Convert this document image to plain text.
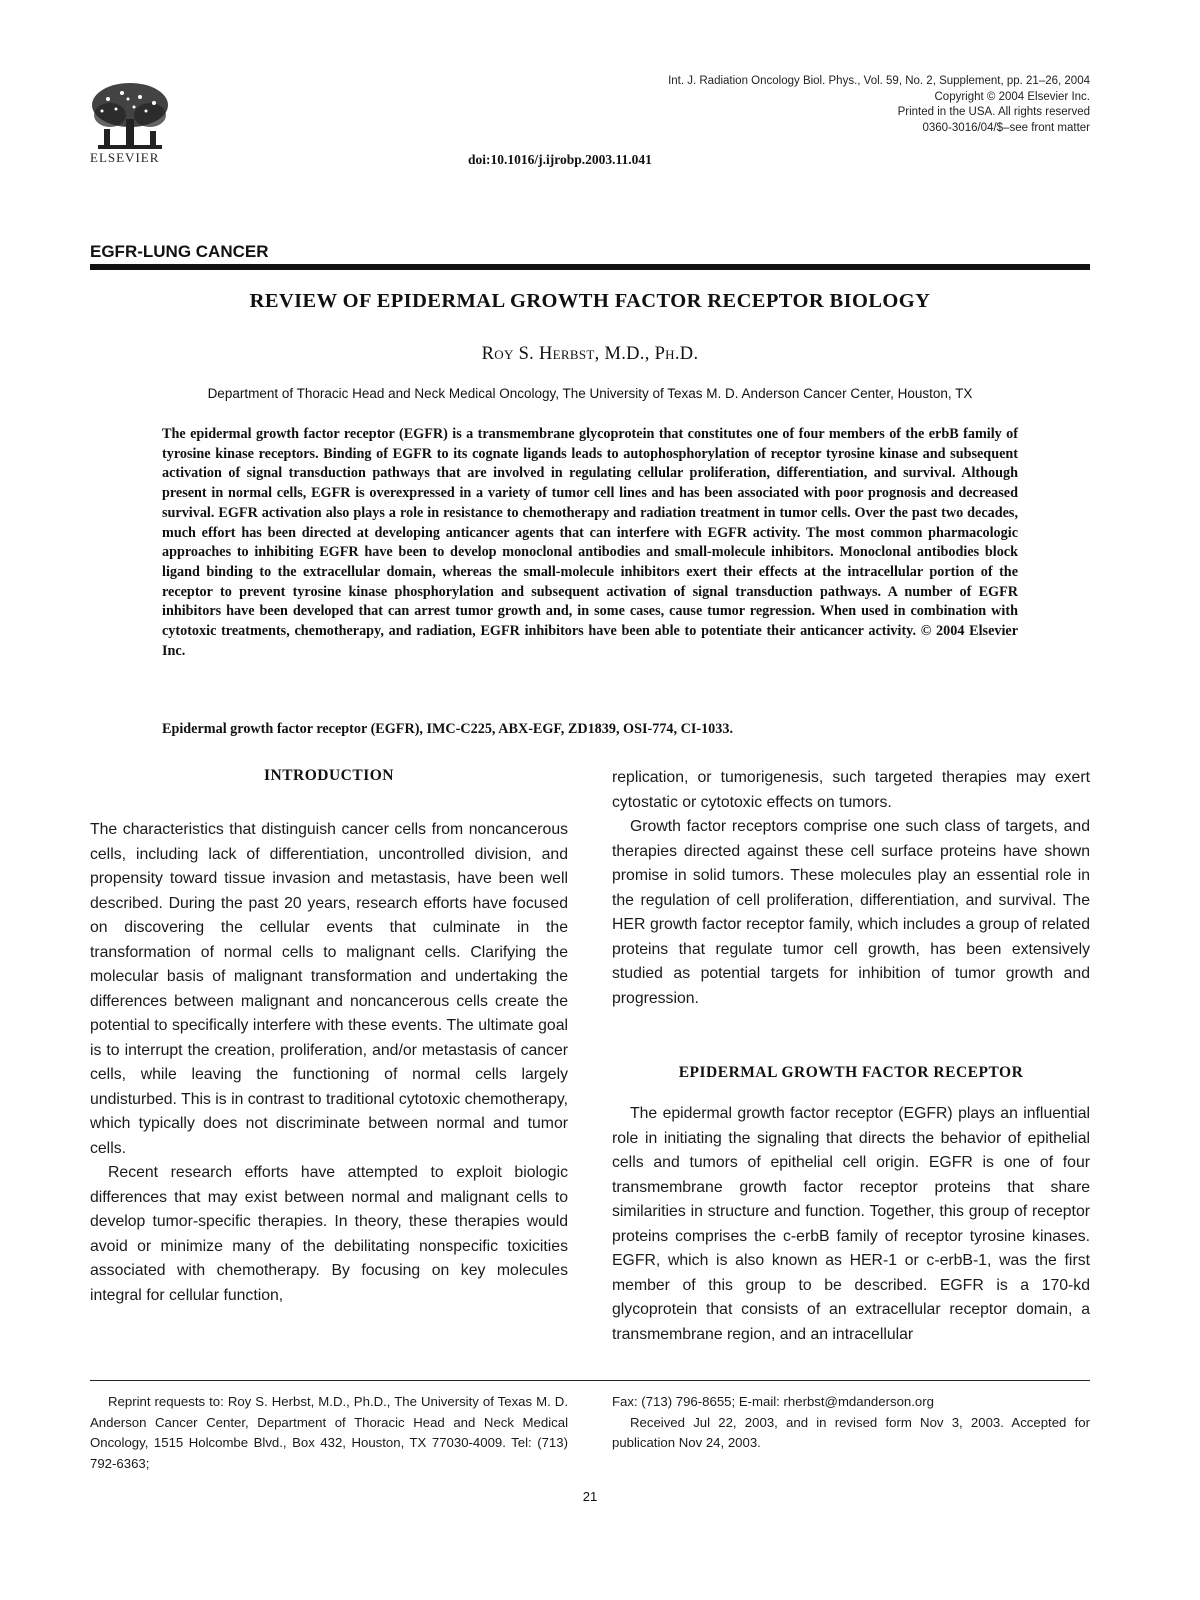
ELSEVIER
Int. J. Radiation Oncology Biol. Phys., Vol. 59, No. 2, Supplement, pp. 21–26, 2004
Copyright © 2004 Elsevier Inc.
Printed in the USA. All rights reserved
0360-3016/04/$–see front matter
doi:10.1016/j.ijrobp.2003.11.041
EGFR-LUNG CANCER
REVIEW OF EPIDERMAL GROWTH FACTOR RECEPTOR BIOLOGY
Roy S. Herbst, M.D., Ph.D.
Department of Thoracic Head and Neck Medical Oncology, The University of Texas M. D. Anderson Cancer Center, Houston, TX
The epidermal growth factor receptor (EGFR) is a transmembrane glycoprotein that constitutes one of four members of the erbB family of tyrosine kinase receptors. Binding of EGFR to its cognate ligands leads to autophosphorylation of receptor tyrosine kinase and subsequent activation of signal transduction pathways that are involved in regulating cellular proliferation, differentiation, and survival. Although present in normal cells, EGFR is overexpressed in a variety of tumor cell lines and has been associated with poor prognosis and decreased survival. EGFR activation also plays a role in resistance to chemotherapy and radiation treatment in tumor cells. Over the past two decades, much effort has been directed at developing anticancer agents that can interfere with EGFR activity. The most common pharmacologic approaches to inhibiting EGFR have been to develop monoclonal antibodies and small-molecule inhibitors. Monoclonal antibodies block ligand binding to the extracellular domain, whereas the small-molecule inhibitors exert their effects at the intracellular portion of the receptor to prevent tyrosine kinase phosphorylation and subsequent activation of signal transduction pathways. A number of EGFR inhibitors have been developed that can arrest tumor growth and, in some cases, cause tumor regression. When used in combination with cytotoxic treatments, chemotherapy, and radiation, EGFR inhibitors have been able to potentiate their anticancer activity. © 2004 Elsevier Inc.
Epidermal growth factor receptor (EGFR), IMC-C225, ABX-EGF, ZD1839, OSI-774, CI-1033.
INTRODUCTION

The characteristics that distinguish cancer cells from noncancerous cells, including lack of differentiation, uncontrolled division, and propensity toward tissue invasion and metastasis, have been well described. During the past 20 years, research efforts have focused on discovering the cellular events that culminate in the transformation of normal cells to malignant cells. Clarifying the molecular basis of malignant transformation and undertaking the differences between malignant and noncancerous cells create the potential to specifically interfere with these events. The ultimate goal is to interrupt the creation, proliferation, and/or metastasis of cancer cells, while leaving the functioning of normal cells largely undisturbed. This is in contrast to traditional cytotoxic chemotherapy, which typically does not discriminate between normal and tumor cells.

Recent research efforts have attempted to exploit biologic differences that may exist between normal and malignant cells to develop tumor-specific therapies. In theory, these therapies would avoid or minimize many of the debilitating nonspecific toxicities associated with chemotherapy. By focusing on key molecules integral for cellular function,

replication, or tumorigenesis, such targeted therapies may exert cytostatic or cytotoxic effects on tumors.

Growth factor receptors comprise one such class of targets, and therapies directed against these cell surface proteins have shown promise in solid tumors. These molecules play an essential role in the regulation of cell proliferation, differentiation, and survival. The HER growth factor receptor family, which includes a group of related proteins that regulate tumor cell growth, has been extensively studied as potential targets for inhibition of tumor growth and progression.

EPIDERMAL GROWTH FACTOR RECEPTOR

The epidermal growth factor receptor (EGFR) plays an influential role in initiating the signaling that directs the behavior of epithelial cells and tumors of epithelial cell origin. EGFR is one of four transmembrane growth factor receptor proteins that share similarities in structure and function. Together, this group of receptor proteins comprises the c-erbB family of receptor tyrosine kinases. EGFR, which is also known as HER-1 or c-erbB-1, was the first member of this group to be described. EGFR is a 170-kd glycoprotein that consists of an extracellular receptor domain, a transmembrane region, and an intracellular

Reprint requests to: Roy S. Herbst, M.D., Ph.D., The University of Texas M. D. Anderson Cancer Center, Department of Thoracic Head and Neck Medical Oncology, 1515 Holcombe Blvd., Box 432, Houston, TX 77030-4009. Tel: (713) 792-6363;

Fax: (713) 796-8655; E-mail: rherbst@mdanderson.org

Received Jul 22, 2003, and in revised form Nov 3, 2003. Accepted for publication Nov 24, 2003.

21
